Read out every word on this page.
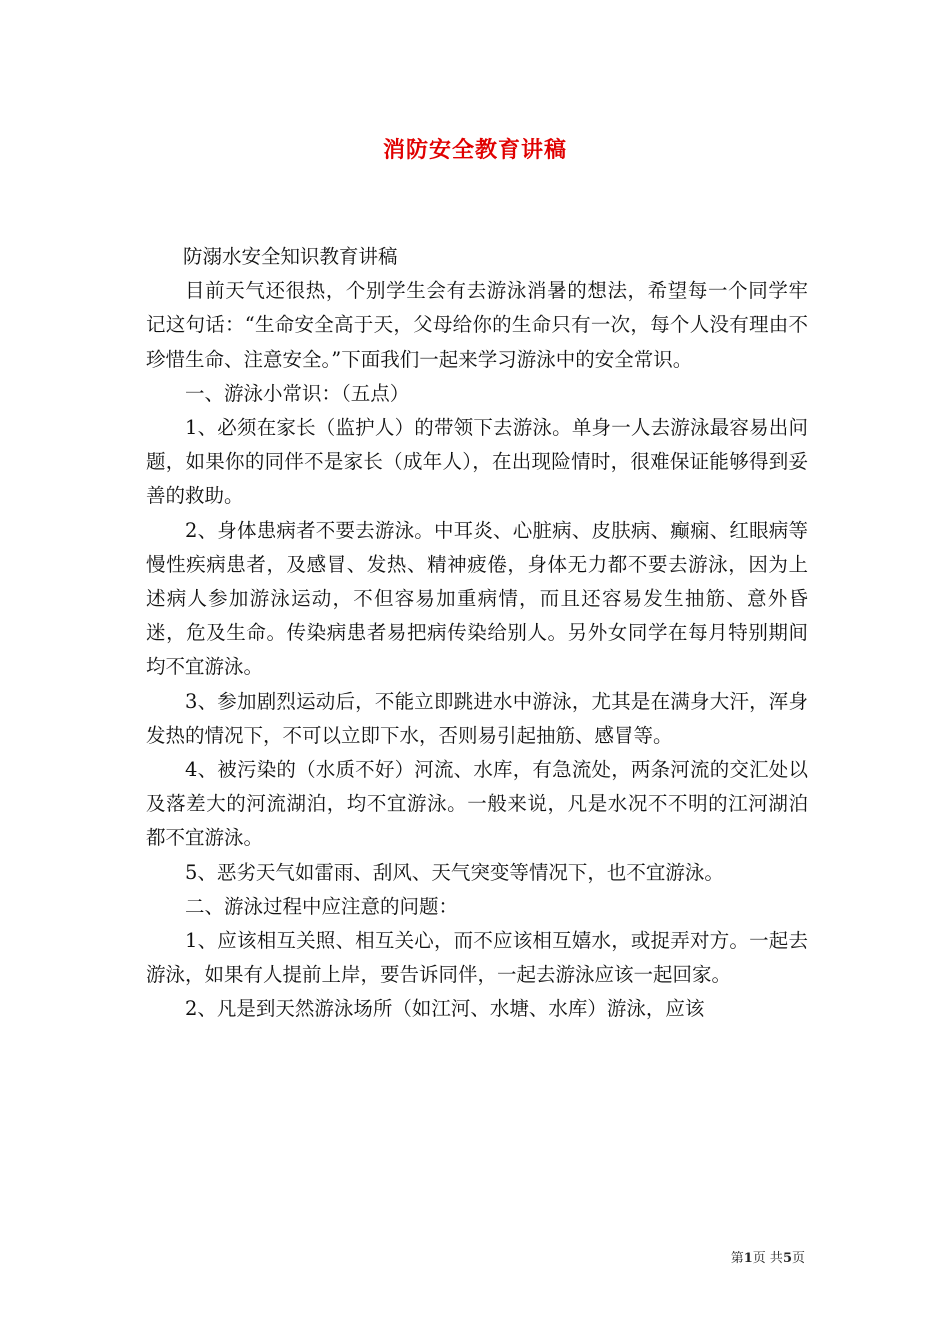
消防安全教育讲稿

防溺水安全知识教育讲稿

目前天气还很热，个别学生会有去游泳消暑的想法，希望每一个同学牢记这句话：“生命安全高于天，父母给你的生命只有一次，每个人没有理由不珍惜生命、注意安全。”下面我们一起来学习游泳中的安全常识。

一、游泳小常识：（五点）

1、必须在家长（监护人）的带领下去游泳。单身一人去游泳最容易出问题，如果你的同伴不是家长（成年人），在出现险情时，很难保证能够得到妥善的救助。

2、身体患病者不要去游泳。中耳炎、心脏病、皮肤病、癫痫、红眼病等慢性疾病患者，及感冒、发热、精神疲倦，身体无力都不要去游泳，因为上述病人参加游泳运动，不但容易加重病情，而且还容易发生抽筋、意外昏迷，危及生命。传染病患者易把病传染给别人。另外女同学在每月特别期间均不宜游泳。

3、参加剧烈运动后，不能立即跳进水中游泳，尤其是在满身大汗，浑身发热的情况下，不可以立即下水，否则易引起抽筋、感冒等。

4、被污染的（水质不好）河流、水库，有急流处，两条河流的交汇处以及落差大的河流湖泊，均不宜游泳。一般来说，凡是水况不不明的江河湖泊都不宜游泳。

5、恶劣天气如雷雨、刮风、天气突变等情况下，也不宜游泳。

二、游泳过程中应注意的问题：

1、应该相互关照、相互关心，而不应该相互嬉水，或捉弄对方。一起去游泳，如果有人提前上岸，要告诉同伴，一起去游泳应该一起回家。

2、凡是到天然游泳场所（如江河、水塘、水库）游泳，应该

第1页 共5页
